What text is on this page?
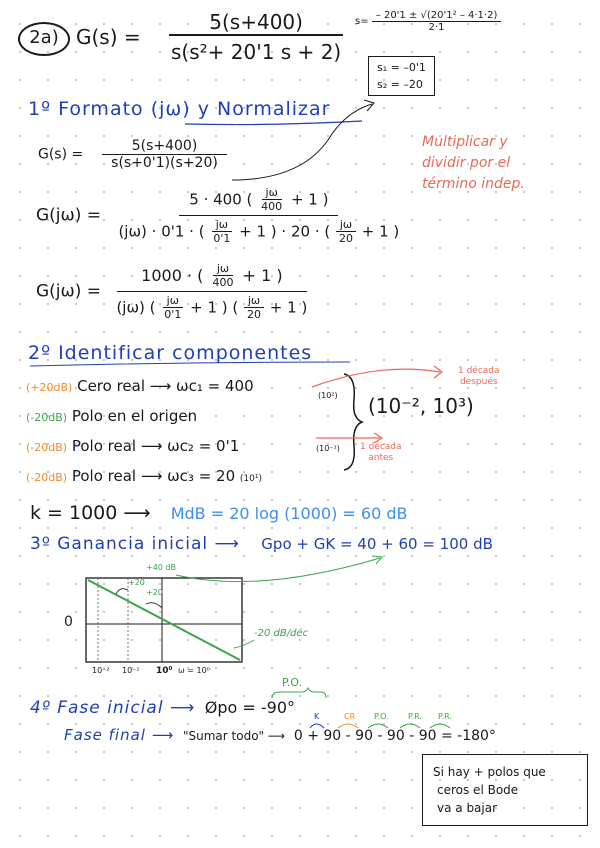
2a) $G(s) = \frac{5(s+400)}{\text{s(s²+ 20'1 s + 2)}} s= \frac{\text{– 20'1 ± √(20'1² – 4·1·2)}}{2\cdot 1}$
s₁ = –0'1
s₂ = –20
1º Formato (jω) y Normalizar
$G(s) = \frac{5(s+400)}{s(s+0'1)(s+20)}$	Multiplicar y
dividir por el
término indep.
G(jω) =
5 · 400 ( $\frac{j\omega}{400} + 1$ )
(jω) · 0'1 · ( $\frac{j\omega}{0'1} + 1$ ) · 20 · ( $\frac{j\omega}{20} + 1$ )
G(jω) =
1000 · ( $\frac{j\omega}{400} + 1$ )
(jω) ( $\frac{j\omega}{0'1} + 1$ ) ( $\frac{j\omega}{20} + 1$ )
2º Identificar componentes
(+20dB) Cero real ⟶ ωc₁ = 400
(-20dB) Polo en el origen
(-20dB) Polo real ⟶ ωc₂ = 0'1
(-20dB) Polo real ⟶ ωc₃ = 20 (10¹)
(10²)
(10⁻¹)
(10⁻², 10³)
1 década
después
1 década
antes
k = 1000 ⟶ MdB = 20 log (1000) = 60 dB
3º Ganancia inicial ⟶ Gpo + GK = 40 + 60 = 100 dB
0
+40 dB
+20
+20
-20 dB/déc
10⁻² 10⁻¹ 10⁰ ω = 10⁰
4º Fase inicial ⟶ Øpo = -90°
P.O.
Fase final ⟶ "Sumar todo" ⟶ 0 + 90 - 90 - 90 - 90 = -180°
K	CR P.O. P.R. P.R.
Si hay + polos que
ceros el Bode
va a bajar
